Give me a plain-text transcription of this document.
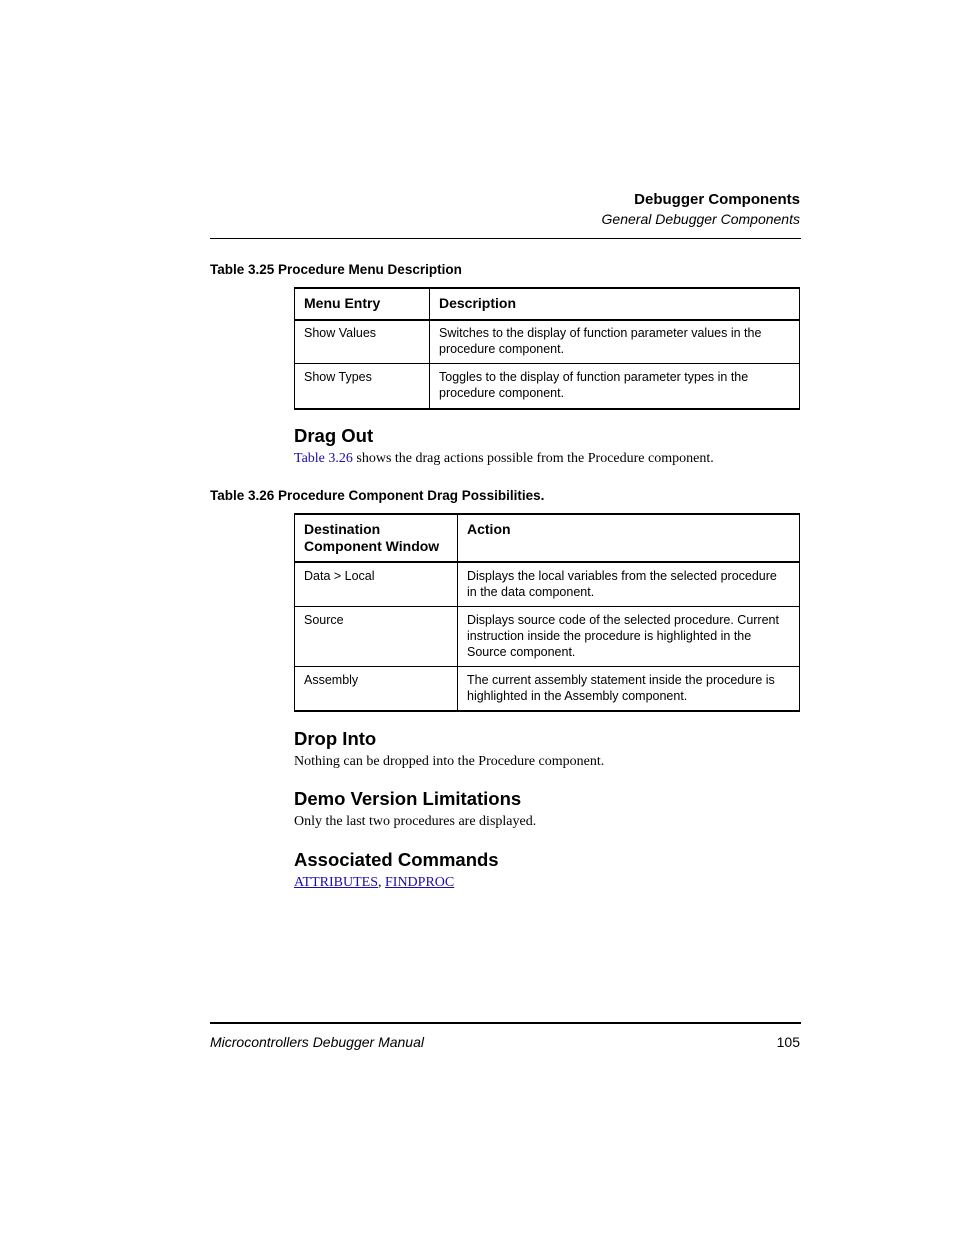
Debugger Components
General Debugger Components
Table 3.25 Procedure Menu Description
Menu Entry	Description
Show Values	Switches to the display of function parameter values in the procedure component.
Show Types	Toggles to the display of function parameter types in the procedure component.
Drag Out
Table 3.26 shows the drag actions possible from the Procedure component.
Table 3.26 Procedure Component Drag Possibilities.
Destination Component Window	Action
Data > Local	Displays the local variables from the selected procedure in the data component.
Source	Displays source code of the selected procedure. Current instruction inside the procedure is highlighted in the Source component.
Assembly	The current assembly statement inside the procedure is highlighted in the Assembly component.
Drop Into
Nothing can be dropped into the Procedure component.
Demo Version Limitations
Only the last two procedures are displayed.
Associated Commands
ATTRIBUTES, FINDPROC
Microcontrollers Debugger Manual	105
